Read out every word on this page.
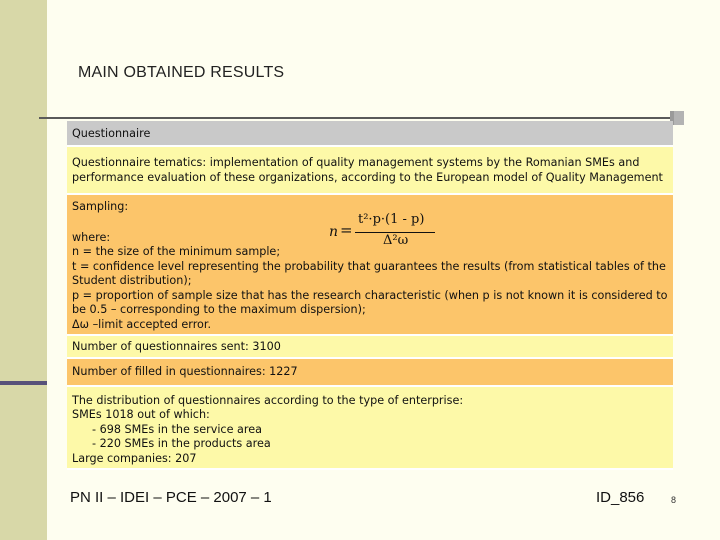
MAIN OBTAINED RESULTS
Questionnaire
Questionnaire tematics: implementation of quality management systems by the Romanian SMEs and performance evaluation of these organizations, according to the European model of Quality Management

Sampling:
n =
t²·p·(1 - p)
Δ²ω
where:
n = the size of the minimum sample;
t = confidence level representing the probability that guarantees the results (from statistical tables of the Student distribution);
p = proportion of sample size that has the research characteristic (when p is not known it is considered to be 0.5 – corresponding to the maximum dispersion);
Δω –limit accepted error.

Number of questionnaires sent: 3100
Number of filled in questionnaires: 1227

The distribution of questionnaires according to the type of enterprise:
SMEs 1018 out of which:
- 698 SMEs in the service area
- 220 SMEs in the products area
Large companies: 207
PN II – IDEI – PCE – 2007 – 1	ID_856	8
